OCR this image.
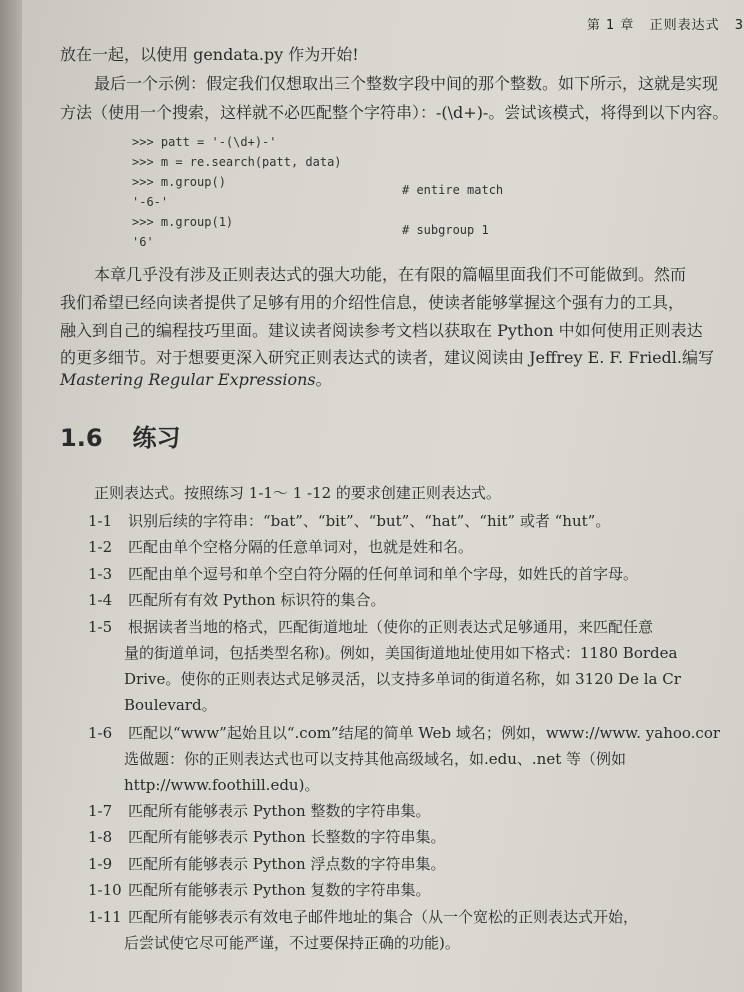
第 1 章 正则表达式 3
放在一起，以使用 gendata.py 作为开始!
最后一个示例：假定我们仅想取出三个整数字段中间的那个整数。如下所示，这就是实现
方法（使用一个搜索，这样就不必匹配整个字符串）：-(\d+)-。尝试该模式，将得到以下内容。
>>> patt = '-(\d+)-'
>>> m = re.search(patt, data)
>>> m.group()
# entire match
'-6-'
>>> m.group(1)
# subgroup 1
'6'
本章几乎没有涉及正则表达式的强大功能，在有限的篇幅里面我们不可能做到。然而
我们希望已经向读者提供了足够有用的介绍性信息，使读者能够掌握这个强有力的工具，
融入到自己的编程技巧里面。建议读者阅读参考文档以获取在 Python 中如何使用正则表达
的更多细节。对于想要更深入研究正则表达式的读者，建议阅读由 Jeffrey E. F. Friedl.编写
Mastering Regular Expressions。
1.6 练习
正则表达式。按照练习 1-1～ 1 -12 的要求创建正则表达式。
1-1 识别后续的字符串：“bat”、“bit”、“but”、“hat”、“hit” 或者 “hut”。
1-2 匹配由单个空格分隔的任意单词对，也就是姓和名。
1-3 匹配由单个逗号和单个空白符分隔的任何单词和单个字母，如姓氏的首字母。
1-4 匹配所有有效 Python 标识符的集合。
1-5 根据读者当地的格式，匹配街道地址（使你的正则表达式足够通用，来匹配任意
量的街道单词，包括类型名称)。例如，美国街道地址使用如下格式：1180 Bordea
Drive。使你的正则表达式足够灵活，以支持多单词的街道名称，如 3120 De la Cr
Boulevard。
1-6 匹配以“www”起始且以“.com”结尾的简单 Web 域名；例如，www://www. yahoo.cor
选做题：你的正则表达式也可以支持其他高级域名，如.edu、.net 等（例如
http://www.foothill.edu)。
1-7 匹配所有能够表示 Python 整数的字符串集。
1-8 匹配所有能够表示 Python 长整数的字符串集。
1-9 匹配所有能够表示 Python 浮点数的字符串集。
1-10 匹配所有能够表示 Python 复数的字符串集。
1-11 匹配所有能够表示有效电子邮件地址的集合（从一个宽松的正则表达式开始，
后尝试使它尽可能严谨，不过要保持正确的功能)。
